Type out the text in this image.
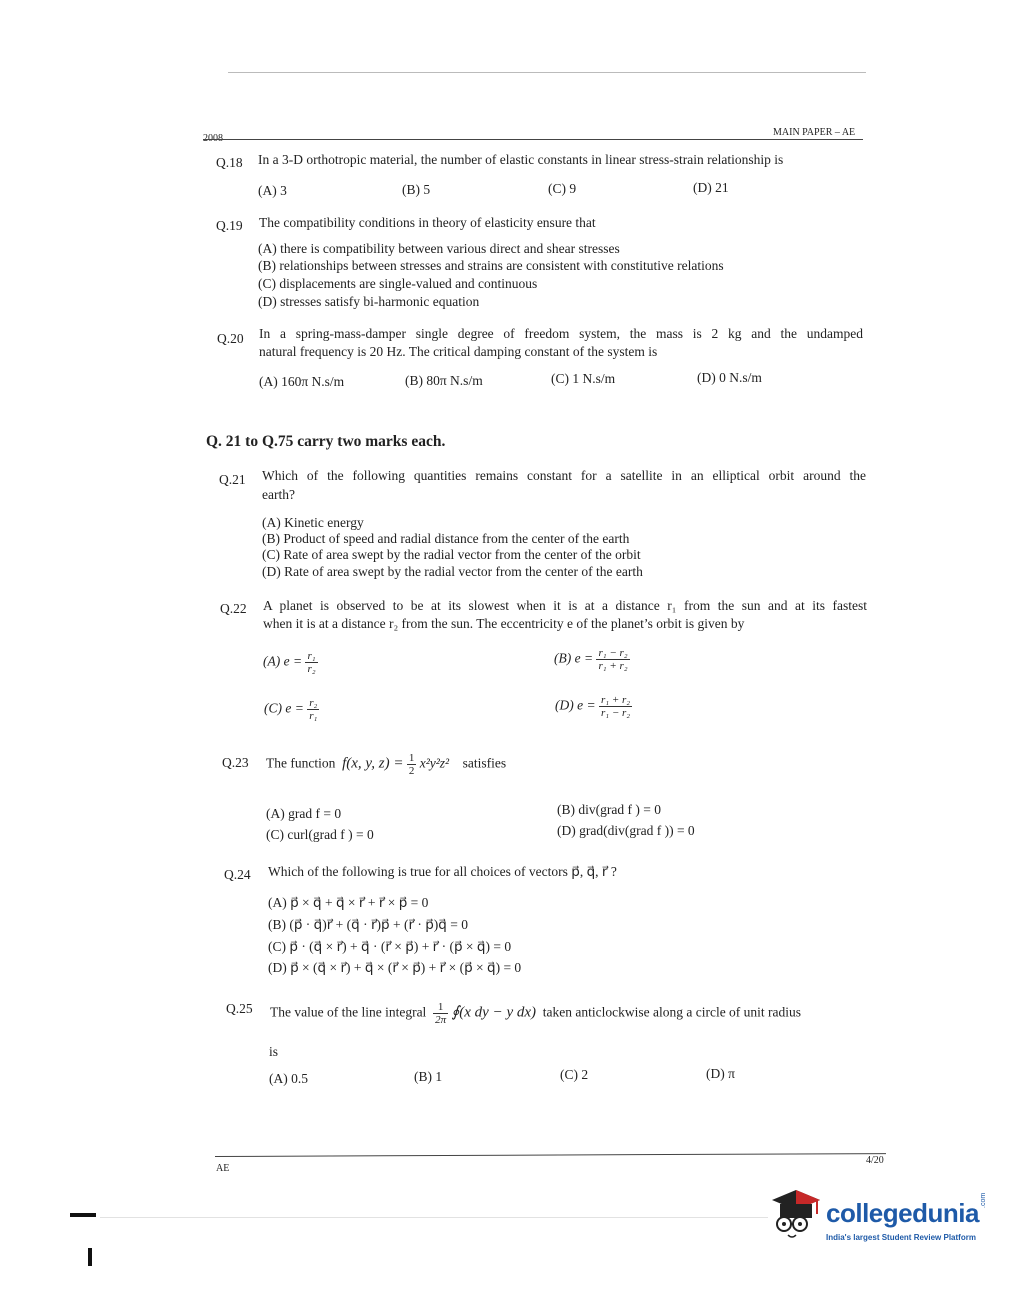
MAIN PAPER – AE
Q.18 In a 3-D orthotropic material, the number of elastic constants in linear stress-strain relationship is
(A) 3	(B) 5	(C) 9	(D) 21
Q.19 The compatibility conditions in theory of elasticity ensure that
(A) there is compatibility between various direct and shear stresses
(B) relationships between stresses and strains are consistent with constitutive relations
(C) displacements are single-valued and continuous
(D) stresses satisfy bi-harmonic equation
Q.20 In a spring-mass-damper single degree of freedom system, the mass is 2 kg and the undamped
natural frequency is 20 Hz. The critical damping constant of the system is
(A) 160π N.s/m	(B) 80π N.s/m	(C) 1 N.s/m	(D) 0 N.s/m
Q. 21 to Q.75 carry two marks each.
Q.21 Which of the following quantities remains constant for a satellite in an elliptical orbit around the
earth?
(A) Kinetic energy
(B) Product of speed and radial distance from the center of the earth
(C) Rate of area swept by the radial vector from the center of the orbit
(D) Rate of area swept by the radial vector from the center of the earth
Q.22 A planet is observed to be at its slowest when it is at a distance r₁ from the sun and at its fastest
when it is at a distance r₂ from the sun. The eccentricity e of the planet’s orbit is given by
(A) $e = \frac{\text{r₁}}{\text{r₂}}$	(B) $e = \frac{\text{r₁ − r₂}}{\text{r₁ + r₂}}$
(C) $e = \frac{\text{r₂}}{\text{r₁}}$	(D) $e = \frac{\text{r₁ + r₂}}{\text{r₁ − r₂}}$
Q.23 The function f(x, y, $z) = \frac{1}{2} x^2y^2z^2$ satisfies
(A) grad f = 0	(B) div(grad f ) = 0
(C) curl(grad f ) = 0	(D) grad(div(grad f )) = 0
Q.24 Which of the following is true for all choices of vectors p⃗, q⃗, r⃗ ?
(A) p⃗ × q⃗ + q⃗ × r⃗ + r⃗ × p⃗ = 0
(B) (p⃗ · q⃗)r⃗ + (q⃗ · r⃗)p⃗ + (r⃗ · p⃗)q⃗ = 0
(C) p⃗ · (q⃗ × r⃗) + q⃗ · (r⃗ × p⃗) + r⃗ · (p⃗ × q⃗) = 0
(D) p⃗ × (q⃗ × r⃗) + q⃗ × (r⃗ × p⃗) + r⃗ × (p⃗ × q⃗) = 0
Q.25 The value of the line integral $\frac{1}{2\pi}$ ∮(x dy − y dx) taken anticlockwise along a circle of unit radius
is
(A) 0.5	(B) 1	(C) 2	(D) π
AE
4/20
collegedunia .com
India's largest Student Review Platform
